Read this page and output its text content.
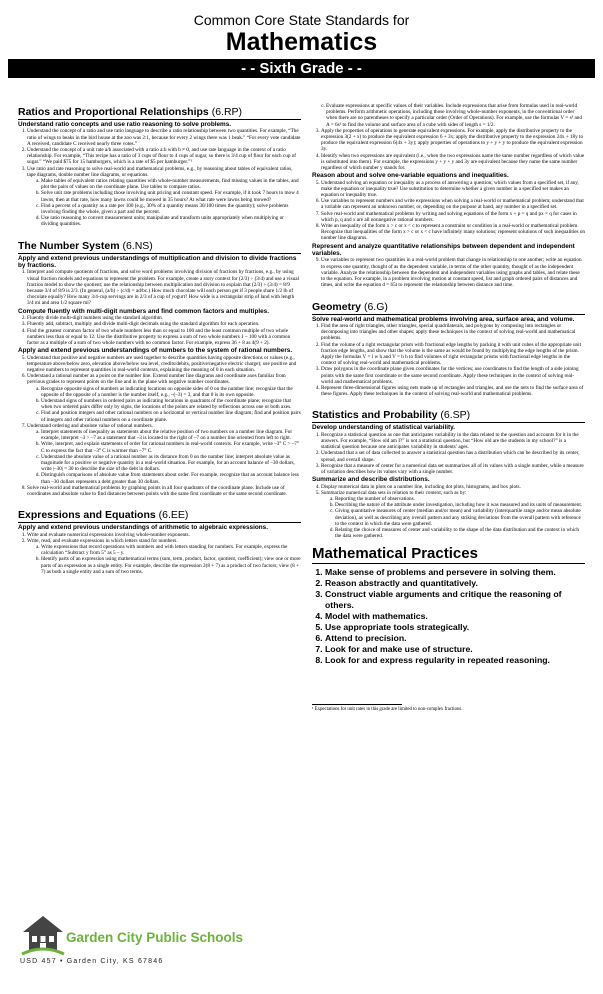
Common Core State Standards for
Mathematics
- - Sixth Grade - -
Ratios and Proportional Relationships (6.RP)
Understand ratio concepts and use ratio reasoning to solve problems.
1. Understand the concept of a ratio and use ratio language to describe a ratio relationship between two quantities. For example, “The ratio of wings to beaks in the bird house at the zoo was 2:1, because for every 2 wings there was 1 beak.” “For every vote candidate A received, candidate C received nearly three votes.”
2. Understand the concept of a unit rate a/b associated with a ratio a:b with b ≠ 0, and use rate language in the context of a ratio relationship. For example, “This recipe has a ratio of 3 cups of flour to 4 cups of sugar, so there is 3/4 cup of flour for each cup of sugar.” “We paid $75 for 15 hamburgers, which is a rate of $5 per hamburger.”¹
3. Use ratio and rate reasoning to solve real-world and mathematical problems, e.g., by reasoning about tables of equivalent ratios, tape diagrams, double number line diagrams, or equations.
a. Make tables of equivalent ratios relating quantities with whole-number measurements, find missing values in the tables, and plot the pairs of values on the coordinate plane. Use tables to compare ratios.
b. Solve unit rate problems including those involving unit pricing and constant speed. For example, if it took 7 hours to mow 4 lawns, then at that rate, how many lawns could be mowed in 35 hours? At what rate were lawns being mowed?
c. Find a percent of a quantity as a rate per 100 (e.g., 30% of a quantity means 30/100 times the quantity); solve problems involving finding the whole, given a part and the percent.
d. Use ratio reasoning to convert measurement units; manipulate and transform units appropriately when multiplying or dividing quantities.
The Number System (6.NS)
Apply and extend previous understandings of multiplication and division to divide fractions by fractions.
1. Interpret and compute quotients of fractions, and solve word problems involving division of fractions by fractions, e.g., by using visual fraction models and equations to represent the problem. For example, create a story context for (2/3) ÷ (3/4) and use a visual fraction model to show the quotient; use the relationship between multiplication and division to explain that (2/3) ÷ (3/4) = 8/9 because 3/4 of 8/9 is 2/3. (In general, (a/b) ÷ (c/d) = ad/bc.) How much chocolate will each person get if 3 people share 1/2 lb of chocolate equally? How many 3/4-cup servings are in 2/3 of a cup of yogurt? How wide is a rectangular strip of land with length 3/4 mi and area 1/2 square mi?
Compute fluently with multi-digit numbers and find common factors and multiples.
2. Fluently divide multi-digit numbers using the standard algorithm.
3. Fluently add, subtract, multiply and divide multi-digit decimals using the standard algorithm for each operation.
4. Find the greatest common factor of two whole numbers less than or equal to 100 and the least common multiple of two whole numbers less than or equal to 12. Use the distributive property to express a sum of two whole numbers 1 – 100 with a common factor as a multiple of a sum of two whole numbers with no common factor. For example, express 36 + 8 as 4(9 + 2).
Apply and extend previous understandings of numbers to the system of rational numbers.
5. Understand that positive and negative numbers are used together to describe quantities having opposite directions or values (e.g., temperature above/below zero, elevation above/below sea level, credits/debits, positive/negative electric charge); use positive and negative numbers to represent quantities in real-world contexts, explaining the meaning of 0 in each situation.
6. Understand a rational number as a point on the number line. Extend number line diagrams and coordinate axes familiar from previous grades to represent points on the line and in the plane with negative number coordinates.
a. Recognize opposite signs of numbers as indicating locations on opposite sides of 0 on the number line; recognize that the opposite of the opposite of a number is the number itself, e.g., –(–3) = 3, and that 0 is its own opposite.
b. Understand signs of numbers in ordered pairs as indicating locations in quadrants of the coordinate plane; recognize that when two ordered pairs differ only by signs, the locations of the points are related by reflections across one or both axes.
c. Find and position integers and other rational numbers on a horizontal or vertical number line diagram; find and position pairs of integers and other rational numbers on a coordinate plane.
7. Understand ordering and absolute value of rational numbers.
a. Interpret statements of inequality as statements about the relative position of two numbers on a number line diagram. For example, interpret –3 > –7 as a statement that –3 is located to the right of –7 on a number line oriented from left to right.
b. Write, interpret, and explain statements of order for rational numbers in real-world contexts. For example, write –3° C > –7° C to express the fact that –3° C is warmer than –7° C.
c. Understand the absolute value of a rational number as its distance from 0 on the number line; interpret absolute value as magnitude for a positive or negative quantity in a real-world situation. For example, for an account balance of –30 dollars, write |–30| = 30 to describe the size of the debt in dollars.
d. Distinguish comparisons of absolute value from statements about order. For example, recognize that an account balance less than –30 dollars represents a debt greater than 30 dollars.
8. Solve real-world and mathematical problems by graphing points in all four quadrants of the coordinate plane. Include use of coordinates and absolute value to find distances between points with the same first coordinate or the same second coordinate.
Expressions and Equations (6.EE)
Apply and extend previous understandings of arithmetic to algebraic expressions.
1. Write and evaluate numerical expressions involving whole-number exponents.
2. Write, read, and evaluate expressions in which letters stand for numbers.
a. Write expressions that record operations with numbers and with letters standing for numbers. For example, express the calculation “Subtract y from 5” as 5 – y.
b. Identify parts of an expression using mathematical terms (sum, term, product, factor, quotient, coefficient); view one or more parts of an expression as a single entity. For example, describe the expression 2(8 + 7) as a product of two factors; view (8 + 7) as both a single entity and a sum of two terms.
c. Evaluate expressions at specific values of their variables. Include expressions that arise from formulas used in real-world problems. Perform arithmetic operations, including those involving whole-number exponents, in the conventional order when there are no parentheses to specify a particular order (Order of Operations). For example, use the formulas V = s³ and A = 6s² to find the volume and surface area of a cube with sides of length s = 1/2.
3. Apply the properties of operations to generate equivalent expressions. For example, apply the distributive property to the expression 3(2 + x) to produce the equivalent expression 6 + 3x; apply the distributive property to the expression 24x + 18y to produce the equivalent expression 6(4x + 3y); apply properties of operations to y + y + y to produce the equivalent expression 3y.
4. Identify when two expressions are equivalent (i.e., when the two expressions name the same number regardless of which value is substituted into them). For example, the expressions y + y + y and 3y are equivalent because they name the same number regardless of which number y stands for.
Reason about and solve one-variable equations and inequalities.
5. Understand solving an equation or inequality as a process of answering a question; which values from a specified set, if any, make the equation or inequality true? Use substitution to determine whether a given number in a specified set makes an equation or inequality true.
6. Use variables to represent numbers and write expressions when solving a real-world or mathematical problem; understand that a variable can represent an unknown number, or, depending on the purpose at hand, any number in a specified set.
7. Solve real-world and mathematical problems by writing and solving equations of the form x + p = q and px = q for cases in which p, q and x are all nonnegative rational numbers.
8. Write an inequality of the form x > c or x < c to represent a constraint or condition in a real-world or mathematical problem. Recognize that inequalities of the form x > c or x < c have infinitely many solutions; represent solutions of such inequalities on number line diagrams.
Represent and analyze quantitative relationships between dependent and independent variables.
9. Use variables to represent two quantities in a real-world problem that change in relationship to one another; write an equation to express one quantity, thought of as the dependent variable, in terms of the other quantity, thought of as the independent variable. Analyze the relationship between the dependent and independent variables using graphs and tables, and relate these to the equation. For example, in a problem involving motion at constant speed, list and graph ordered pairs of distances and times, and write the equation d = 65t to represent the relationship between distance and time.
Geometry (6.G)
Solve real-world and mathematical problems involving area, surface area, and volume.
1. Find the area of right triangles, other triangles, special quadrilaterals, and polygons by composing into rectangles or decomposing into triangles and other shapes; apply these techniques in the context of solving real-world and mathematical problems.
2. Find the volume of a right rectangular prism with fractional edge lengths by packing it with unit cubes of the appropriate unit fraction edge lengths, and show that the volume is the same as would be found by multiplying the edge lengths of the prism. Apply the formulas V = l w h and V = b h to find volumes of right rectangular prisms with fractional edge lengths in the context of solving real-world and mathematical problems.
3. Draw polygons in the coordinate plane given coordinates for the vertices; use coordinates to find the length of a side joining points with the same first coordinate or the same second coordinate. Apply these techniques in the context of solving real-world and mathematical problems.
4. Represent three-dimensional figures using nets made up of rectangles and triangles, and use the nets to find the surface area of these figures. Apply these techniques in the context of solving real-world and mathematical problems.
Statistics and Probability (6.SP)
Develop understanding of statistical variability.
1. Recognize a statistical question as one that anticipates variability in the data related to the question and accounts for it in the answers. For example, “How old am I?” is not a statistical question, but “How old are the students in my school?” is a statistical question because one anticipates variability in students’ ages.
2. Understand that a set of data collected to answer a statistical question has a distribution which can be described by its center, spread, and overall shape.
3. Recognize that a measure of center for a numerical data set summarizes all of its values with a single number, while a measure of variation describes how its values vary with a single number.
Summarize and describe distributions.
4. Display numerical data in plots on a number line, including dot plots, histograms, and box plots.
5. Summarize numerical data sets in relation to their context, such as by:
a. Reporting the number of observations.
b. Describing the nature of the attribute under investigation, including how it was measured and its units of measurement.
c. Giving quantitative measures of center (median and/or mean) and variability (interquartile range and/or mean absolute deviation), as well as describing any overall pattern and any striking deviations from the overall pattern with reference to the context in which the data were gathered.
d. Relating the choice of measures of center and variability to the shape of the data distribution and the context in which the data were gathered.
Mathematical Practices
1. Make sense of problems and persevere in solving them.
2. Reason abstractly and quantitatively.
3. Construct viable arguments and critique the reasoning of others.
4. Model with mathematics.
5. Use appropriate tools strategically.
6. Attend to precision.
7. Look for and make use of structure.
8. Look for and express regularity in repeated reasoning.
¹ Expectations for unit rates in this grade are limited to non-complex fractions.
Garden City Public Schools
USD 457 • Garden City, KS 67846
